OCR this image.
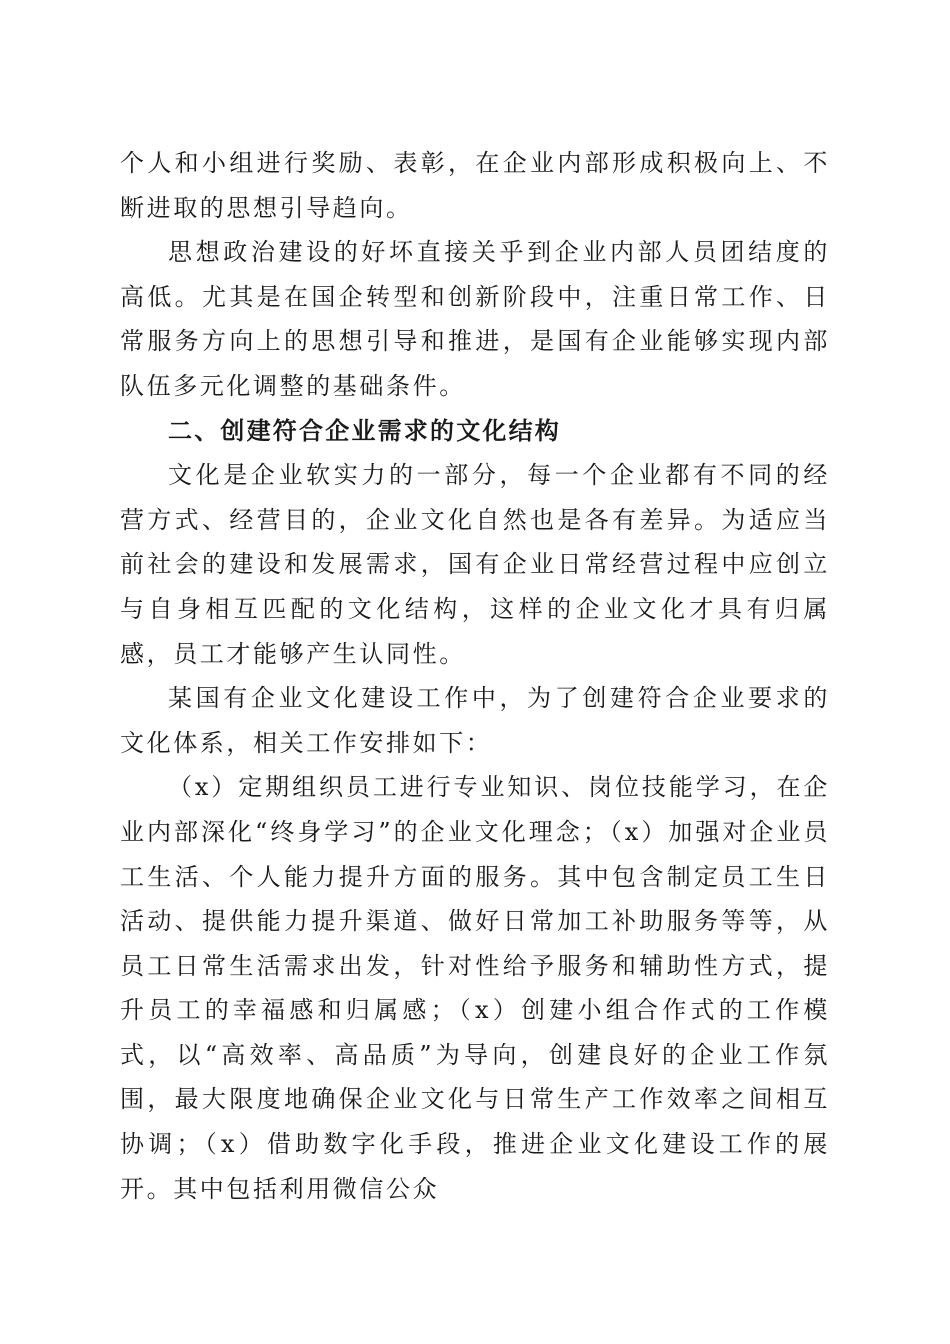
个人和小组进行奖励、表彰，在企业内部形成积极向上、不断进取的思想引导趋向。

思想政治建设的好坏直接关乎到企业内部人员团结度的高低。尤其是在国企转型和创新阶段中，注重日常工作、日常服务方向上的思想引导和推进，是国有企业能够实现内部队伍多元化调整的基础条件。

二、创建符合企业需求的文化结构

文化是企业软实力的一部分，每一个企业都有不同的经营方式、经营目的，企业文化自然也是各有差异。为适应当前社会的建设和发展需求，国有企业日常经营过程中应创立与自身相互匹配的文化结构，这样的企业文化才具有归属感，员工才能够产生认同性。

某国有企业文化建设工作中，为了创建符合企业要求的文化体系，相关工作安排如下：

（x）定期组织员工进行专业知识、岗位技能学习，在企业内部深化“终身学习”的企业文化理念；（x）加强对企业员工生活、个人能力提升方面的服务。其中包含制定员工生日活动、提供能力提升渠道、做好日常加工补助服务等等，从员工日常生活需求出发，针对性给予服务和辅助性方式，提升员工的幸福感和归属感；（x）创建小组合作式的工作模式，以“高效率、高品质”为导向，创建良好的企业工作氛围，最大限度地确保企业文化与日常生产工作效率之间相互协调；（x）借助数字化手段，推进企业文化建设工作的展开。其中包括利用微信公众
